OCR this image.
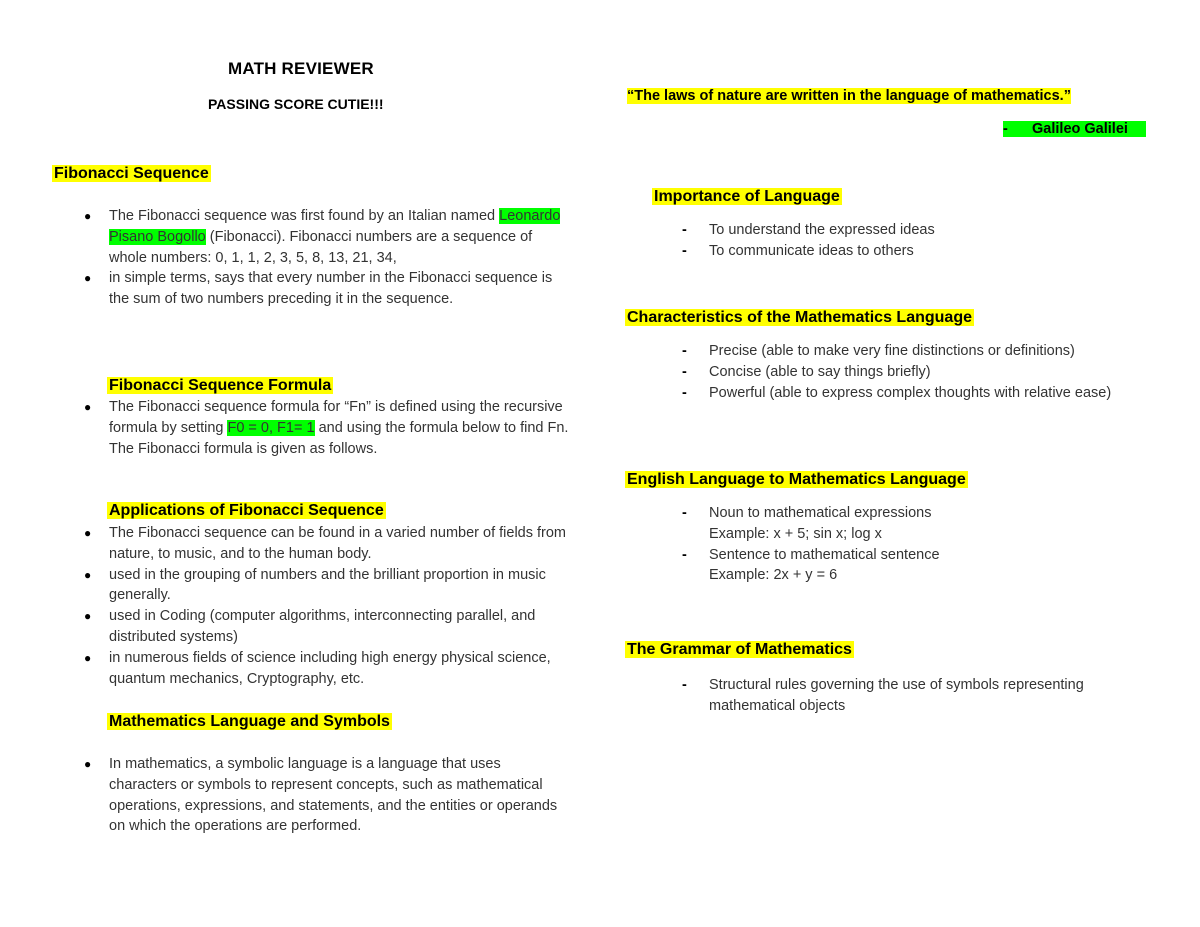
MATH REVIEWER
PASSING SCORE CUTIE!!!	“The laws of nature are written in the language of mathematics.”
- Galileo Galilei
Fibonacci Sequence
● The Fibonacci sequence was first found by an Italian named Leonardo Pisano Bogollo (Fibonacci). Fibonacci numbers are a sequence of whole numbers: 0, 1, 1, 2, 3, 5, 8, 13, 21, 34,
● in simple terms, says that every number in the Fibonacci sequence is the sum of two numbers preceding it in the sequence.
Fibonacci Sequence Formula
● The Fibonacci sequence formula for “Fn” is defined using the recursive formula by setting F0 = 0, F1= 1 and using the formula below to find Fn. The Fibonacci formula is given as follows.
Applications of Fibonacci Sequence
● The Fibonacci sequence can be found in a varied number of fields from nature, to music, and to the human body.
● used in the grouping of numbers and the brilliant proportion in music generally.
● used in Coding (computer algorithms, interconnecting parallel, and distributed systems)
● in numerous fields of science including high energy physical science, quantum mechanics, Cryptography, etc.
Mathematics Language and Symbols
● In mathematics, a symbolic language is a language that uses characters or symbols to represent concepts, such as mathematical operations, expressions, and statements, and the entities or operands on which the operations are performed.
Importance of Language
- To understand the expressed ideas
- To communicate ideas to others
Characteristics of the Mathematics Language
- Precise (able to make very fine distinctions or definitions)
- Concise (able to say things briefly)
- Powerful (able to express complex thoughts with relative ease)
English Language to Mathematics Language
- Noun to mathematical expressions
Example: x + 5; sin x; log x
- Sentence to mathematical sentence
Example: 2x + y = 6
The Grammar of Mathematics
- Structural rules governing the use of symbols representing mathematical objects
